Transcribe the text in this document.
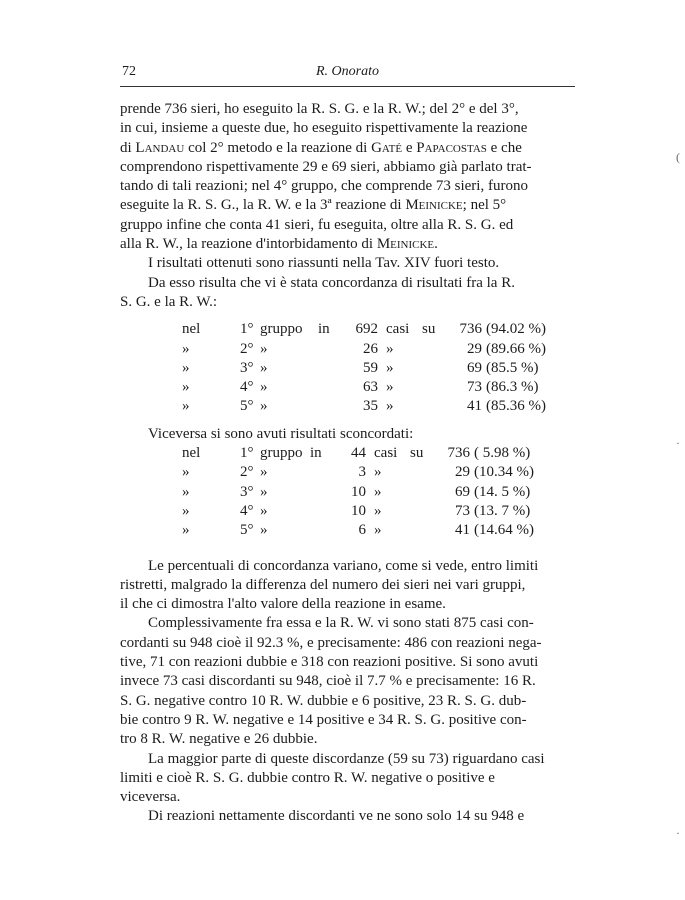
72	R. Onorato

prende 736 sieri, ho eseguito la R. S. G. e la R. W.; del 2° e del 3°,

in cui, insieme a queste due, ho eseguito rispettivamente la reazione

di Landau col 2° metodo e la reazione di Gaté e Papacostas e che

comprendono rispettivamente 29 e 69 sieri, abbiamo già parlato trat-

tando di tali reazioni; nel 4° gruppo, che comprende 73 sieri, furono

eseguite la R. S. G., la R. W. e la 3ª reazione di Meinicke; nel 5°

gruppo infine che conta 41 sieri, fu eseguita, oltre alla R. S. G. ed

alla R. W., la reazione d'intorbidamento di Meinicke.

I risultati ottenuti sono riassunti nella Tav. XIV fuori testo.

Da esso risulta che vi è stata concordanza di risultati fra la R.

S. G. e la R. W.:

nel	1°	gruppo	in	692	casi	su	736	(94.02 %)
»	2°	»		26	»		29	(89.66 %)
»	3°	»		59	»		69	(85.5 %)
»	4°	»		63	»		73	(86.3 %)
»	5°	»		35	»		41	(85.36 %)

Viceversa si sono avuti risultati sconcordati:

nel	1°	gruppo	in	44	casi	su	736	( 5.98 %)
»	2°	»		3	»		29	(10.34 %)
»	3°	»		10	»		69	(14. 5 %)
»	4°	»		10	»		73	(13. 7 %)
»	5°	»		6	»		41	(14.64 %)

Le percentuali di concordanza variano, come si vede, entro limiti

ristretti, malgrado la differenza del numero dei sieri nei vari gruppi,

il che ci dimostra l'alto valore della reazione in esame.

Complessivamente fra essa e la R. W. vi sono stati 875 casi con-

cordanti su 948 cioè il 92.3 %, e precisamente: 486 con reazioni nega-

tive, 71 con reazioni dubbie e 318 con reazioni positive. Si sono avuti

invece 73 casi discordanti su 948, cioè il 7.7 % e precisamente: 16 R.

S. G. negative contro 10 R. W. dubbie e 6 positive, 23 R. S. G. dub-

bie contro 9 R. W. negative e 14 positive e 34 R. S. G. positive con-

tro 8 R. W. negative e 26 dubbie.

La maggior parte di queste discordanze (59 su 73) riguardano casi

limiti e cioè R. S. G. dubbie contro R. W. negative o positive e

viceversa.

Di reazioni nettamente discordanti ve ne sono solo 14 su 948 e

(
·
·
